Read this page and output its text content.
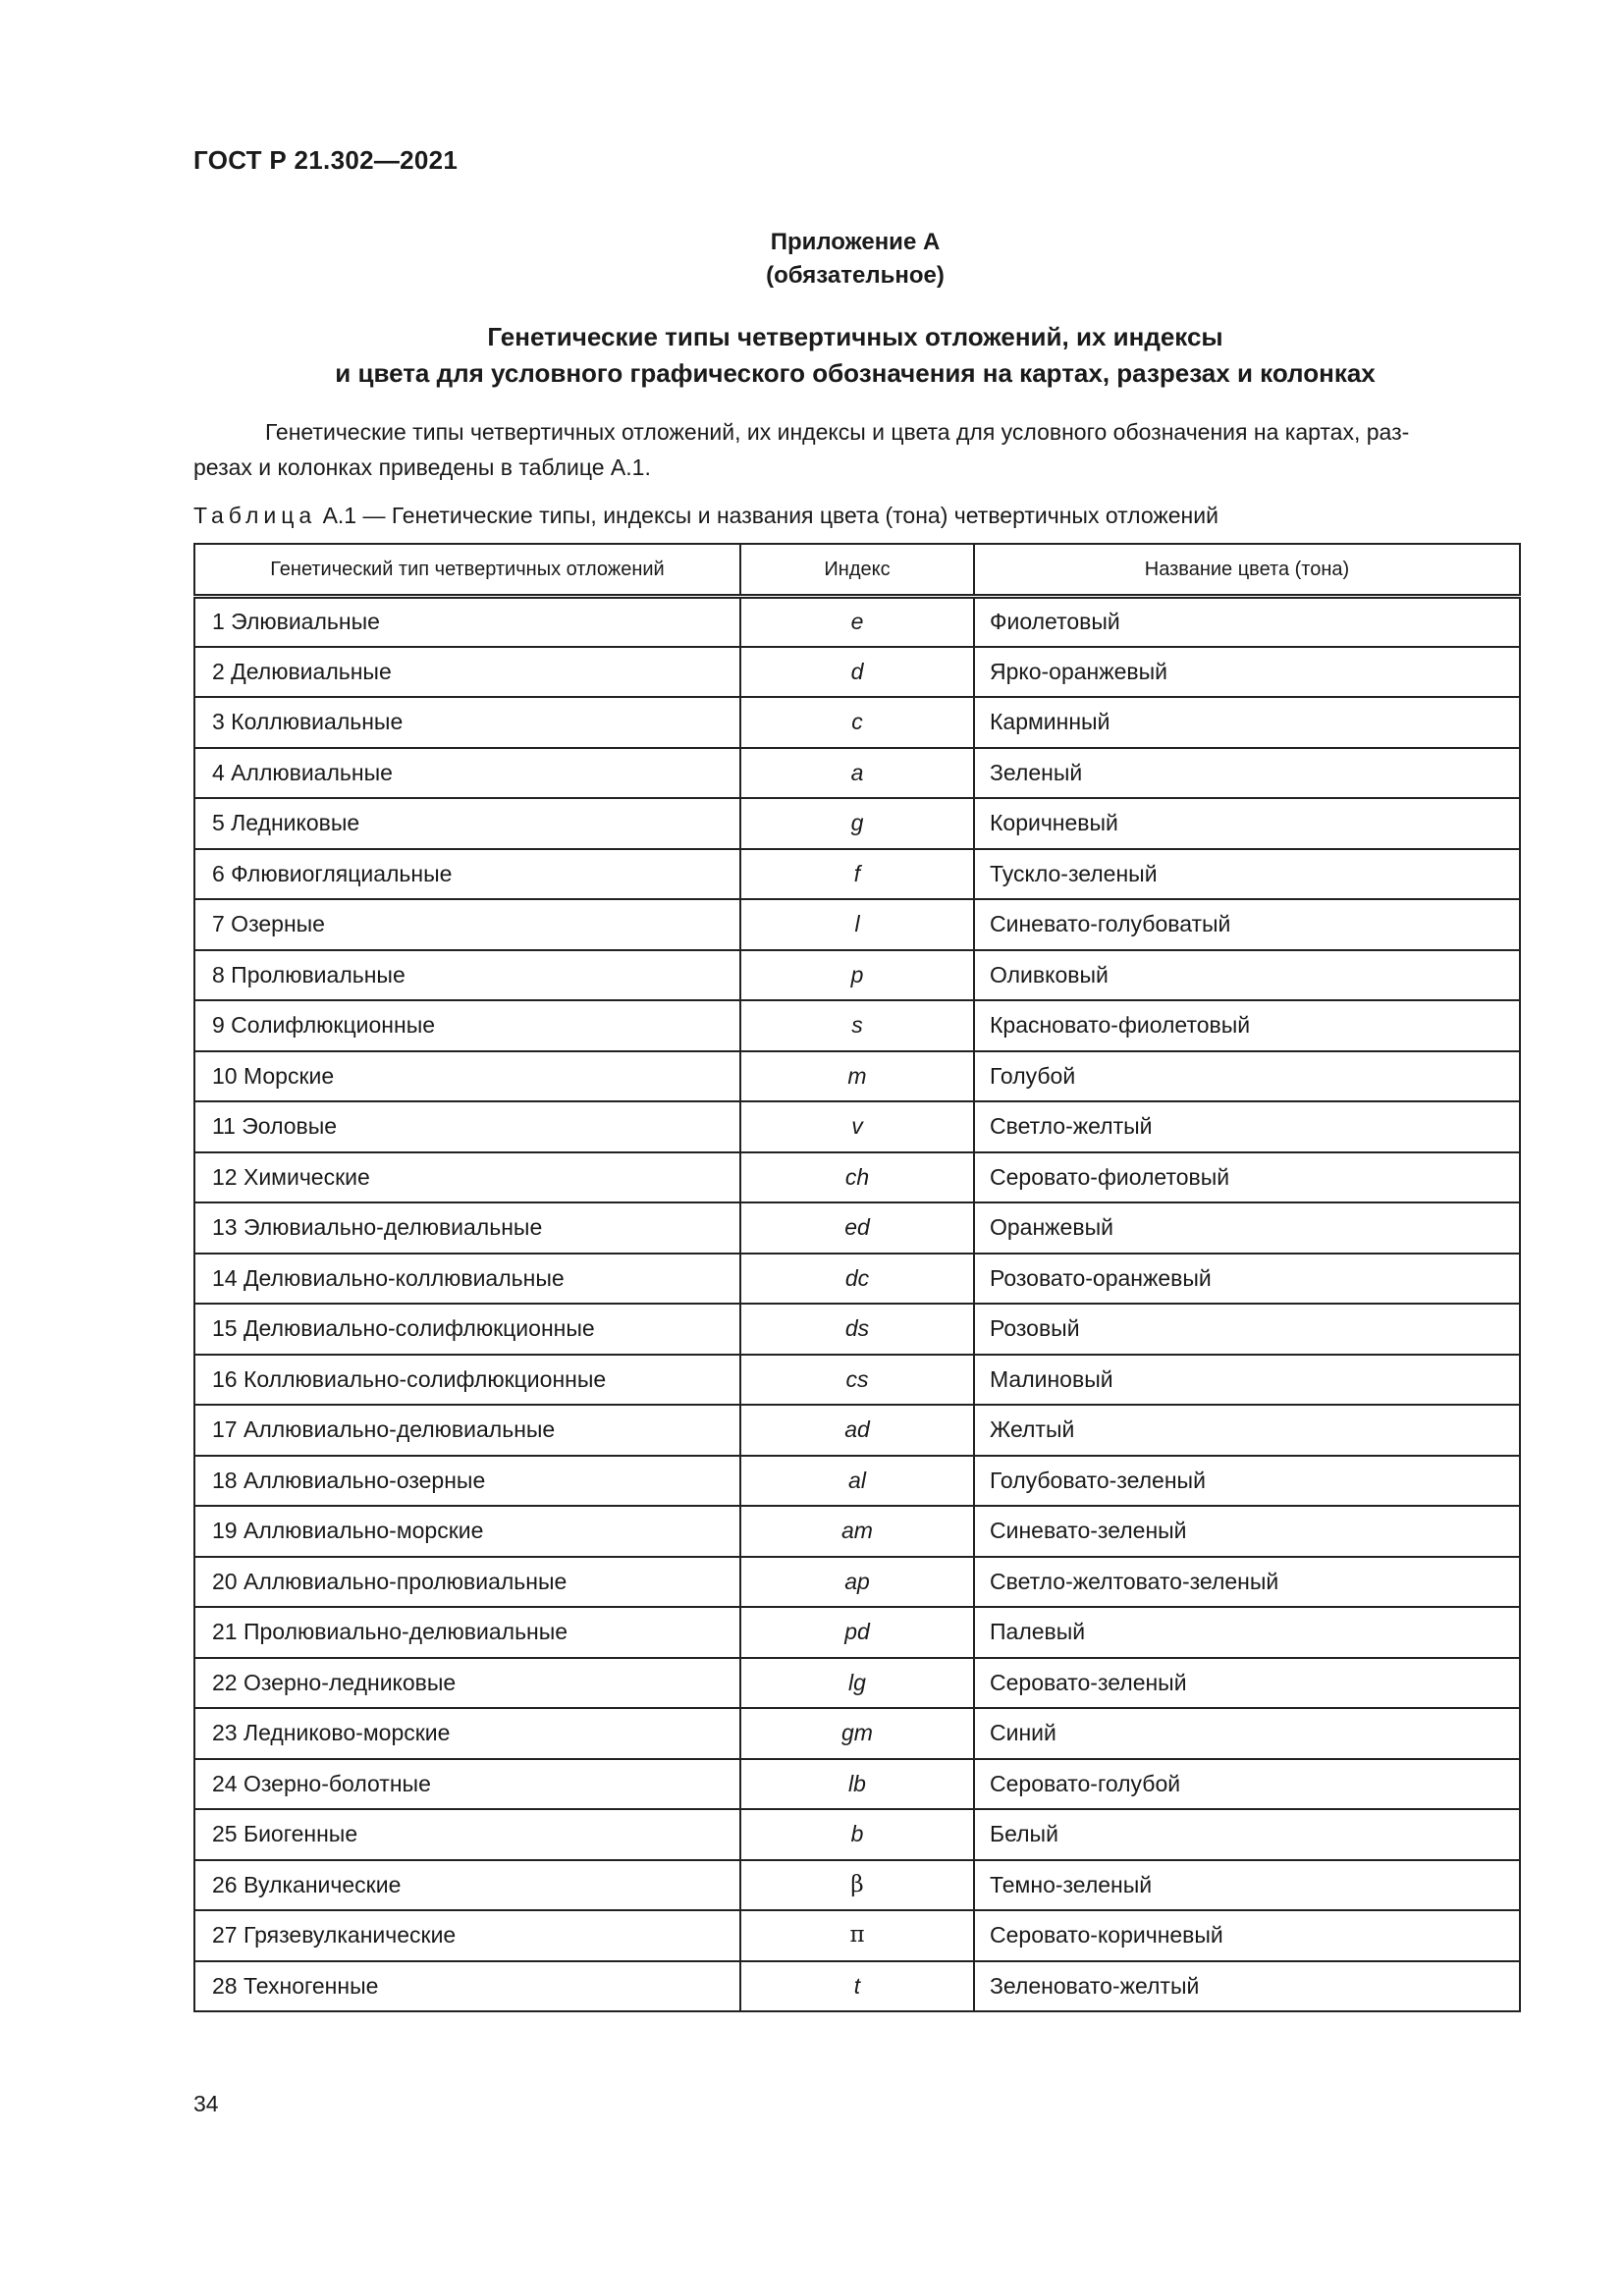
ГОСТ Р 21.302—2021
Приложение А
(обязательное)
Генетические типы четвертичных отложений, их индексы
и цвета для условного графического обозначения на картах, разрезах и колонках

Генетические типы четвертичных отложений, их индексы и цвета для условного обозначения на картах, раз-
резах и колонках приведены в таблице А.1.

Таблица А.1 — Генетические типы, индексы и названия цвета (тона) четвертичных отложений
Генетический тип четвертичных отложений	Индекс	Название цвета (тона)
1 Элювиальные	e	Фиолетовый
2 Делювиальные	d	Ярко-оранжевый
3 Коллювиальные	c	Карминный
4 Аллювиальные	a	Зеленый
5 Ледниковые	g	Коричневый
6 Флювиогляциальные	f	Тускло-зеленый
7 Озерные	l	Синевато-голубоватый
8 Пролювиальные	p	Оливковый
9 Солифлюкционные	s	Красновато-фиолетовый
10 Морские	m	Голубой
11 Эоловые	v	Светло-желтый
12 Химические	ch	Серовато-фиолетовый
13 Элювиально-делювиальные	ed	Оранжевый
14 Делювиально-коллювиальные	dc	Розовато-оранжевый
15 Делювиально-солифлюкционные	ds	Розовый
16 Коллювиально-солифлюкционные	cs	Малиновый
17 Аллювиально-делювиальные	ad	Желтый
18 Аллювиально-озерные	al	Голубовато-зеленый
19 Аллювиально-морские	am	Синевато-зеленый
20 Аллювиально-пролювиальные	ap	Светло-желтовато-зеленый
21 Пролювиально-делювиальные	pd	Палевый
22 Озерно-ледниковые	lg	Серовато-зеленый
23 Ледниково-морские	gm	Синий
24 Озерно-болотные	lb	Серовато-голубой
25 Биогенные	b	Белый
26 Вулканические	β	Темно-зеленый
27 Грязевулканические	π	Серовато-коричневый
28 Техногенные	t	Зеленовато-желтый
34
